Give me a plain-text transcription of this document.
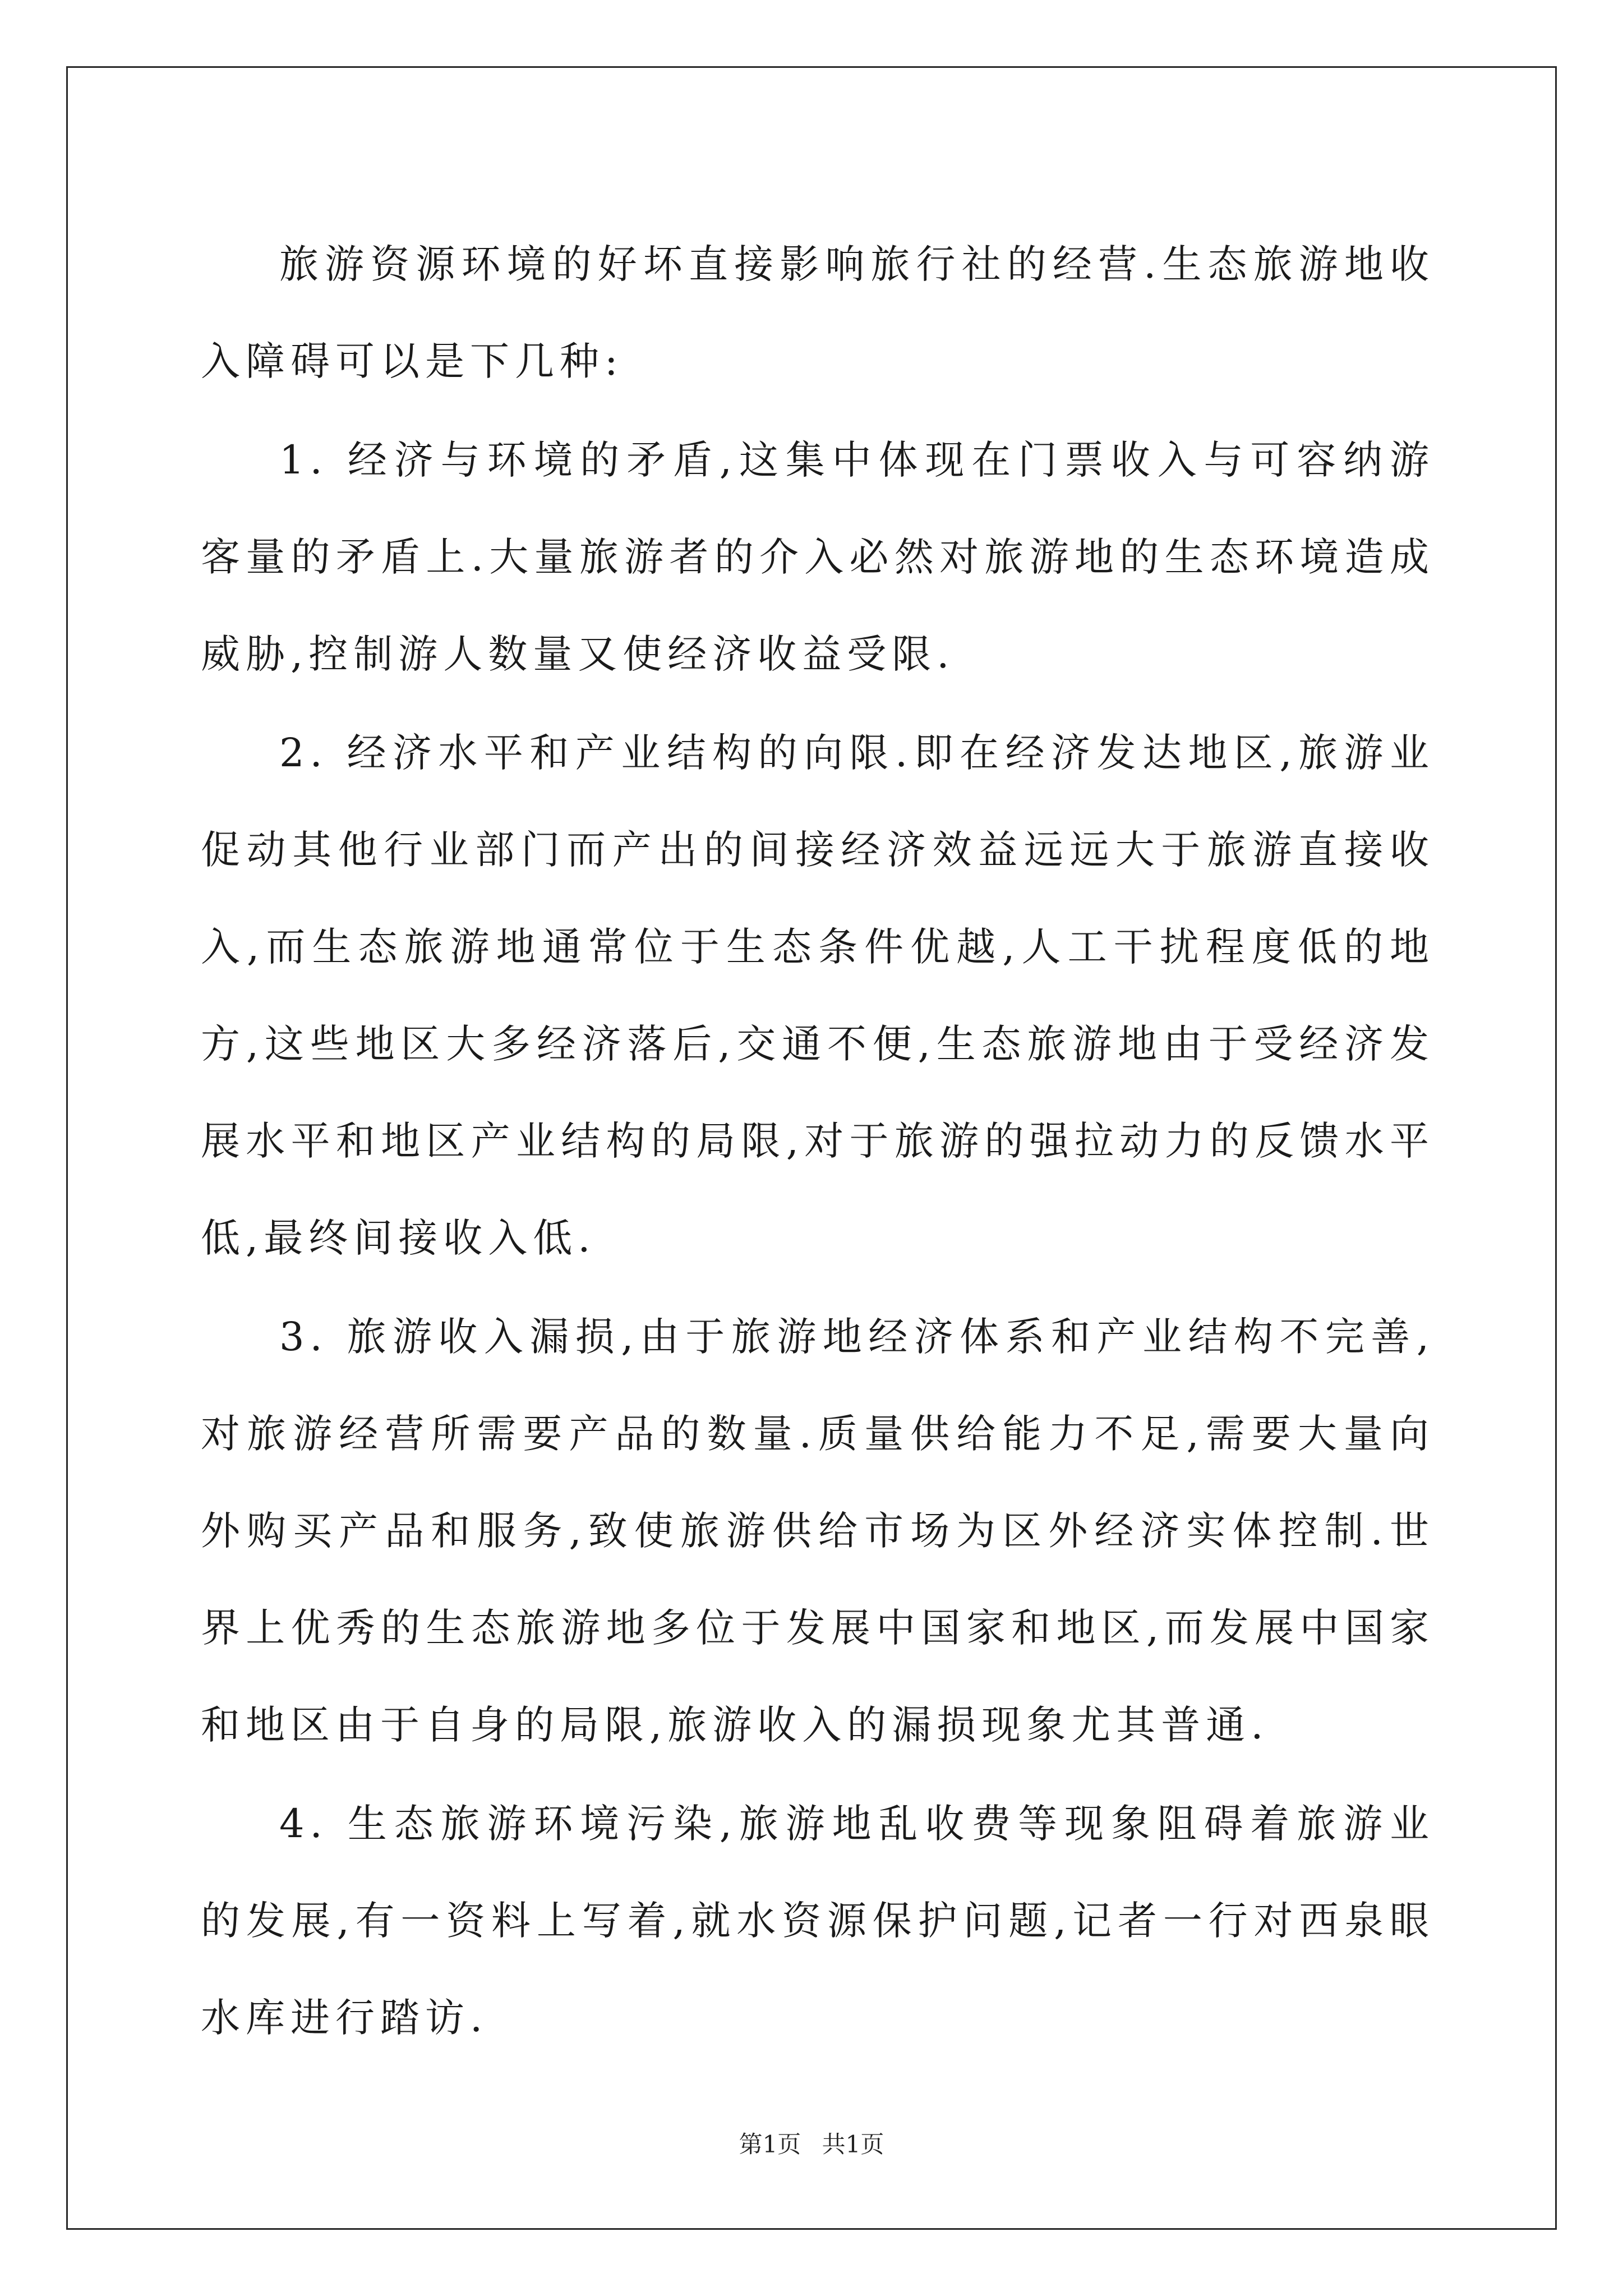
旅游资源环境的好坏直接影响旅行社的经营.生态旅游地收入障碍可以是下几种:

1. 经济与环境的矛盾,这集中体现在门票收入与可容纳游客量的矛盾上.大量旅游者的介入必然对旅游地的生态环境造成威胁,控制游人数量又使经济收益受限.

2. 经济水平和产业结构的向限.即在经济发达地区,旅游业促动其他行业部门而产出的间接经济效益远远大于旅游直接收入,而生态旅游地通常位于生态条件优越,人工干扰程度低的地方,这些地区大多经济落后,交通不便,生态旅游地由于受经济发展水平和地区产业结构的局限,对于旅游的强拉动力的反馈水平低,最终间接收入低.

3. 旅游收入漏损,由于旅游地经济体系和产业结构不完善,对旅游经营所需要产品的数量.质量供给能力不足,需要大量向外购买产品和服务,致使旅游供给市场为区外经济实体控制.世界上优秀的生态旅游地多位于发展中国家和地区,而发展中国家和地区由于自身的局限,旅游收入的漏损现象尤其普通.

4. 生态旅游环境污染,旅游地乱收费等现象阻碍着旅游业的发展,有一资料上写着,就水资源保护问题,记者一行对西泉眼水库进行踏访.

第1页 共1页
